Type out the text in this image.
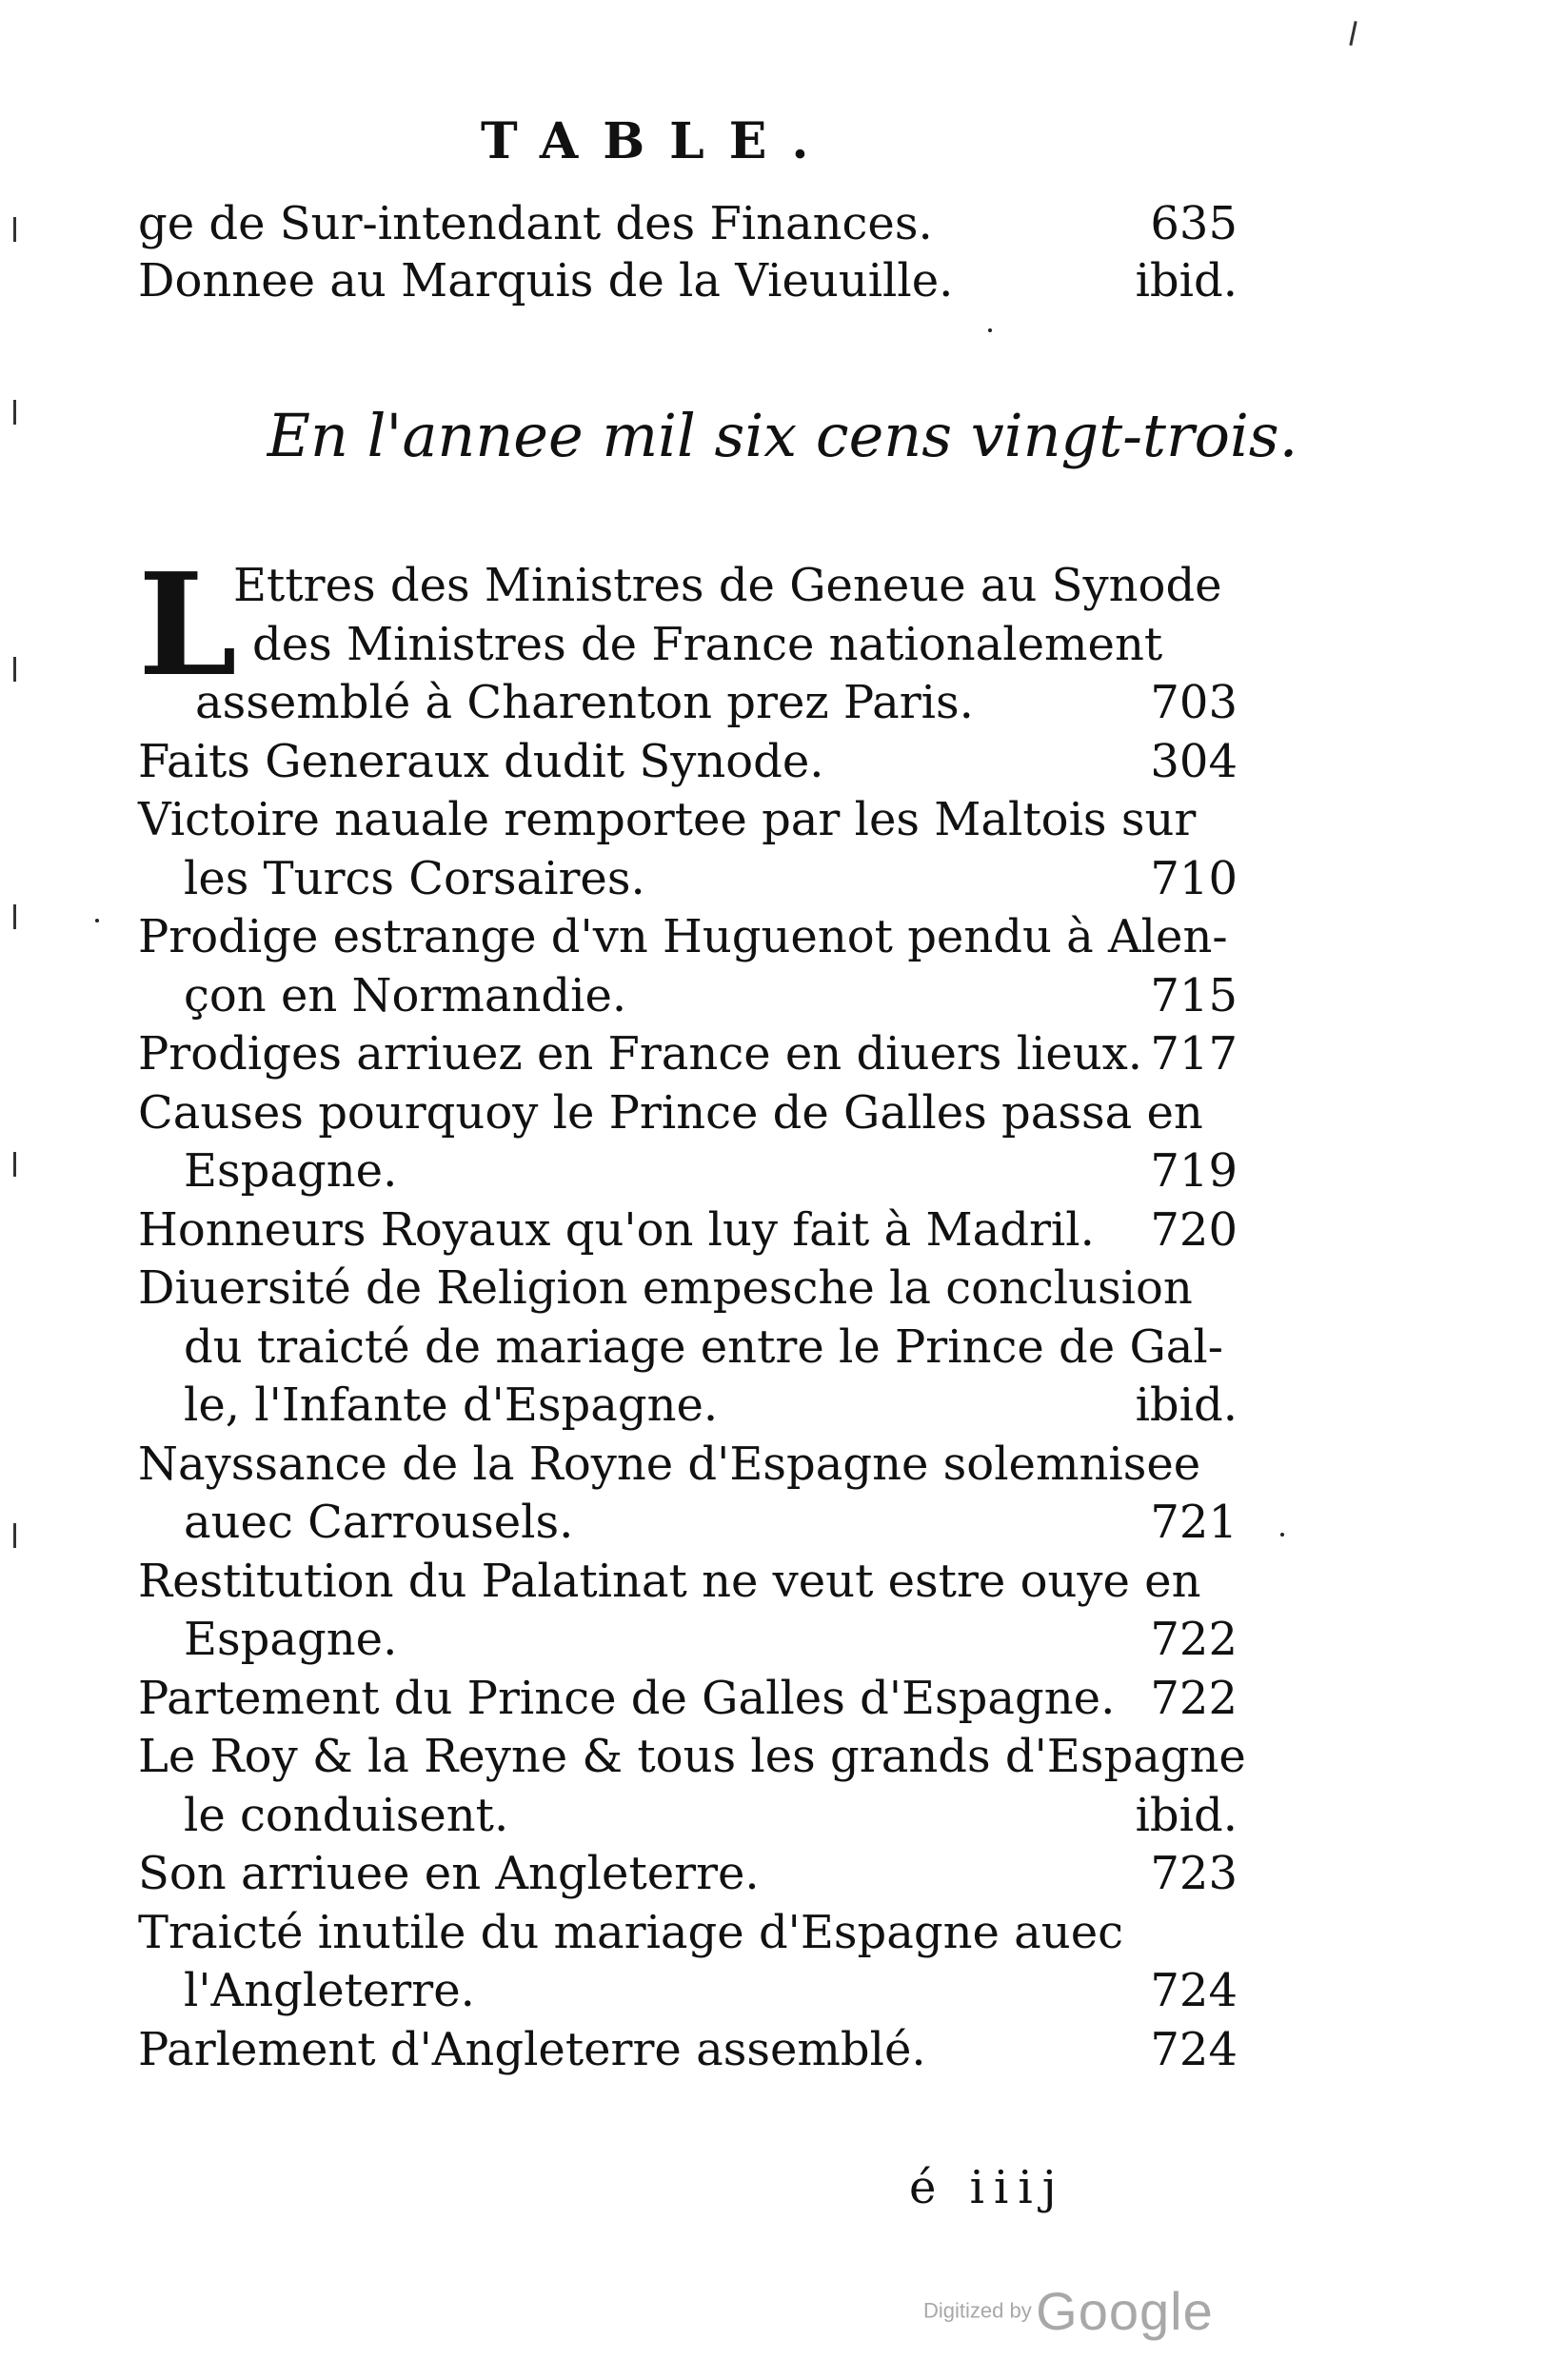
TABLE.
ge de Sur-intendant des Finances.	635
Donnee au Marquis de la Vieuuille.	ibid.
En l'annee mil six cens vingt-trois.
L
Ettres des Ministres de Geneue au Synode
des Ministres de France nationalement
assemblé à Charenton prez Paris.	703
Faits Generaux dudit Synode.	304
Victoire nauale remportee par les Maltois sur
les Turcs Corsaires.	710
Prodige estrange d'vn Huguenot pendu à Alen-
çon en Normandie.	715
Prodiges arriuez en France en diuers lieux. 717
Causes pourquoy le Prince de Galles passa en
Espagne.	719
Honneurs Royaux qu'on luy fait à Madril. 720
Diuersité de Religion empesche la conclusion
du traicté de mariage entre le Prince de Gal-
le, l'Infante d'Espagne.	ibid.
Nayssance de la Royne d'Espagne solemnisee
auec Carrousels.	721
Restitution du Palatinat ne veut estre ouye en
Espagne.	722
Partement du Prince de Galles d'Espagne. 722
Le Roy & la Reyne & tous les grands d'Espagne
le conduisent.	ibid.
Son arriuee en Angleterre.	723
Traicté inutile du mariage d'Espagne auec
l'Angleterre.	724
Parlement d'Angleterre assemblé.	724
é iiij
Digitized by Google
